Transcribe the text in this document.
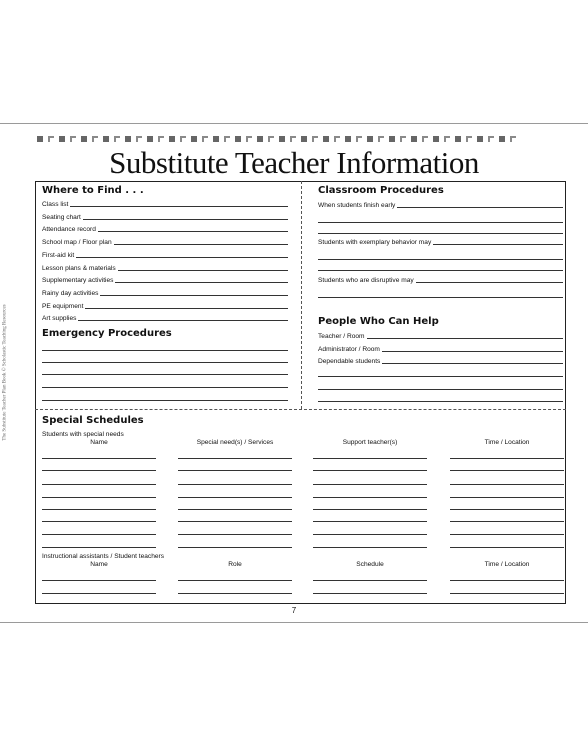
The Substitute Teacher Plan Book © Scholastic Teaching Resources
Substitute Teacher Information
Where to Find . . .
Class list
Seating chart
Attendance record
School map / Floor plan
First-aid kit
Lesson plans & materials
Supplementary activities
Rainy day activities
PE equipment
Art supplies
Emergency Procedures
Classroom Procedures
When students finish early
Students with exemplary behavior may
Students who are disruptive may
People Who Can Help
Teacher / Room
Administrator / Room
Dependable students
Special Schedules
Students with special needs
Name	Special need(s) / Services	Support teacher(s)	Time / Location
Instructional assistants / Student teachers
Name	Role	Schedule	Time / Location
7
